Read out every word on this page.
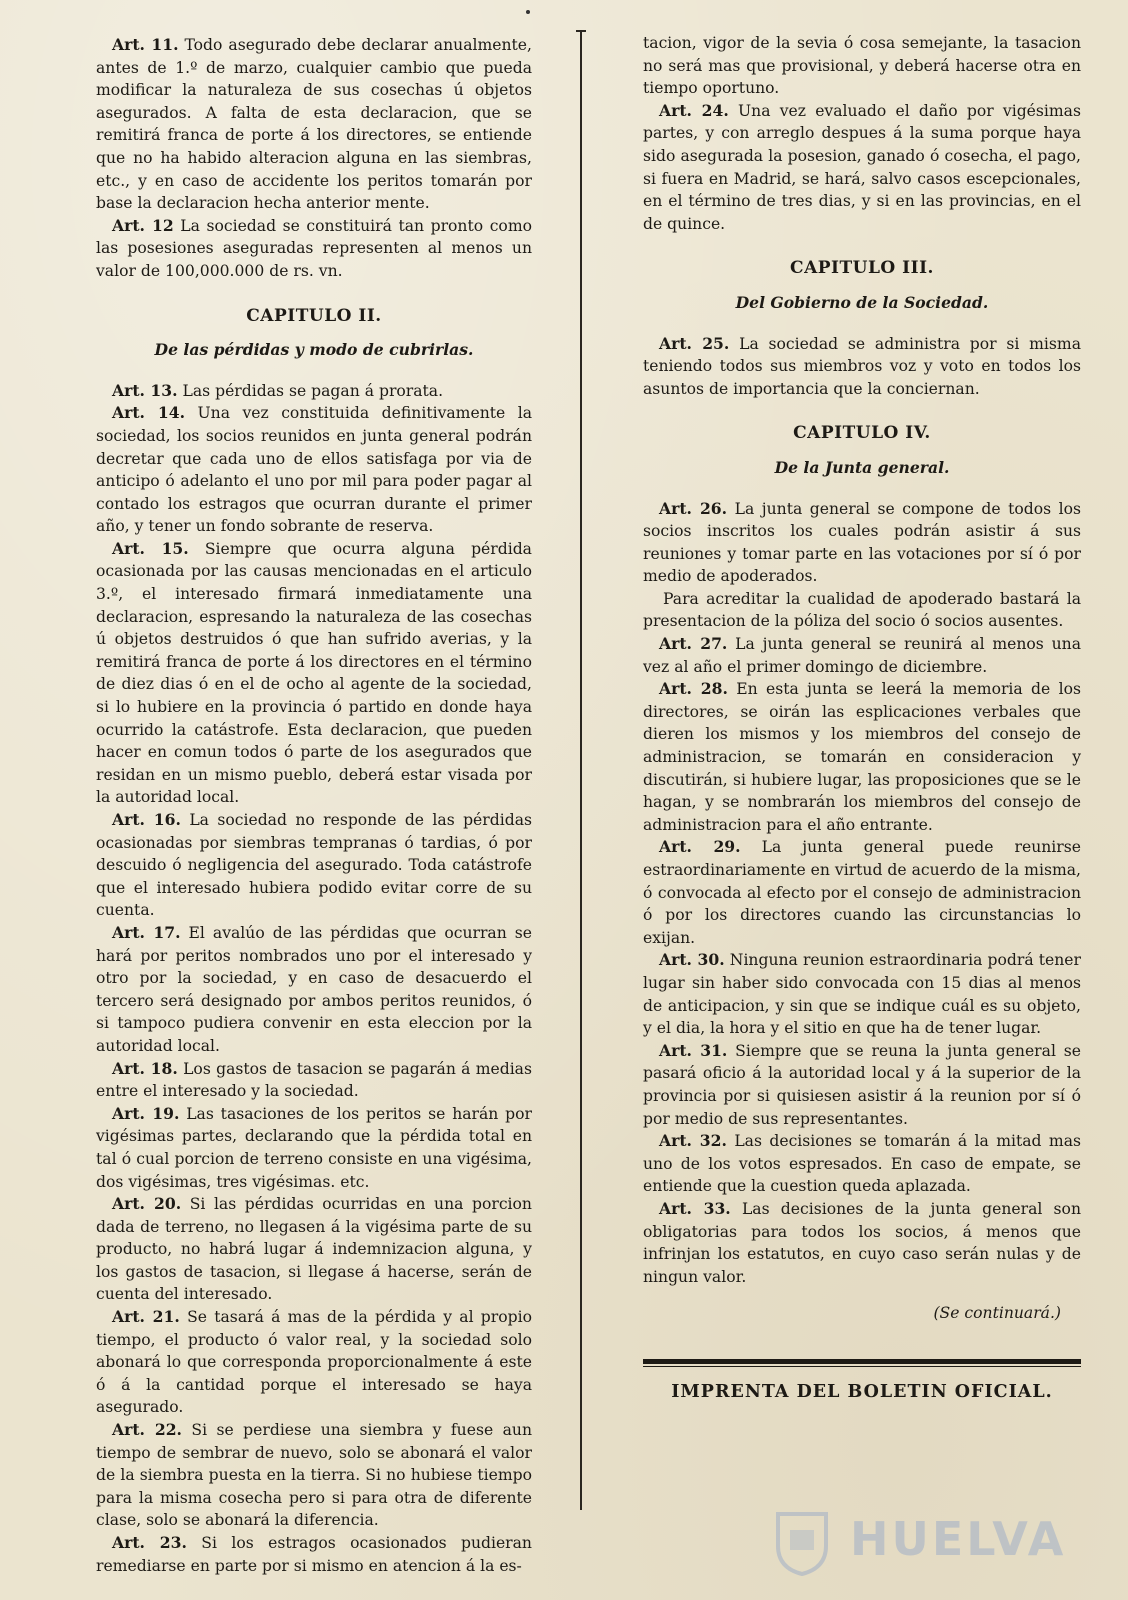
Art. 11. Todo asegurado debe declarar anualmente, antes de 1.º de marzo, cualquier cambio que pueda modificar la naturaleza de sus cosechas ú objetos asegurados. A falta de esta declaracion, que se remitirá franca de porte á los directores, se entiende que no ha habido alteracion alguna en las siembras, etc., y en caso de accidente los peritos tomarán por base la declaracion hecha anterior mente.

Art. 12 La sociedad se constituirá tan pronto como las posesiones aseguradas representen al menos un valor de 100,000.000 de rs. vn.

CAPITULO II.
De las pérdidas y modo de cubrirlas.

Art. 13. Las pérdidas se pagan á prorata.

Art. 14. Una vez constituida definitivamente la sociedad, los socios reunidos en junta general podrán decretar que cada uno de ellos satisfaga por via de anticipo ó adelanto el uno por mil para poder pagar al contado los estragos que ocurran durante el primer año, y tener un fondo sobrante de reserva.

Art. 15. Siempre que ocurra alguna pérdida ocasionada por las causas mencionadas en el articulo 3.º, el interesado firmará inmediatamente una declaracion, espresando la naturaleza de las cosechas ú objetos destruidos ó que han sufrido averias, y la remitirá franca de porte á los directores en el término de diez dias ó en el de ocho al agente de la sociedad, si lo hubiere en la provincia ó partido en donde haya ocurrido la catástrofe. Esta declaracion, que pueden hacer en comun todos ó parte de los asegurados que residan en un mismo pueblo, deberá estar visada por la autoridad local.

Art. 16. La sociedad no responde de las pérdidas ocasionadas por siembras tempranas ó tardias, ó por descuido ó negligencia del asegurado. Toda catástrofe que el interesado hubiera podido evitar corre de su cuenta.

Art. 17. El avalúo de las pérdidas que ocurran se hará por peritos nombrados uno por el interesado y otro por la sociedad, y en caso de desacuerdo el tercero será designado por ambos peritos reunidos, ó si tampoco pudiera convenir en esta eleccion por la autoridad local.

Art. 18. Los gastos de tasacion se pagarán á medias entre el interesado y la sociedad.

Art. 19. Las tasaciones de los peritos se harán por vigésimas partes, declarando que la pérdida total en tal ó cual porcion de terreno consiste en una vigésima, dos vigésimas, tres vigésimas. etc.

Art. 20. Si las pérdidas ocurridas en una porcion dada de terreno, no llegasen á la vigésima parte de su producto, no habrá lugar á indemnizacion alguna, y los gastos de tasacion, si llegase á hacerse, serán de cuenta del interesado.

Art. 21. Se tasará á mas de la pérdida y al propio tiempo, el producto ó valor real, y la sociedad solo abonará lo que corresponda proporcionalmente á este ó á la cantidad porque el interesado se haya asegurado.

Art. 22. Si se perdiese una siembra y fuese aun tiempo de sembrar de nuevo, solo se abonará el valor de la siembra puesta en la tierra. Si no hubiese tiempo para la misma cosecha pero si para otra de diferente clase, solo se abonará la diferencia.

Art. 23. Si los estragos ocasionados pudieran remediarse en parte por si mismo en atencion á la es-

tacion, vigor de la sevia ó cosa semejante, la tasacion no será mas que provisional, y deberá hacerse otra en tiempo oportuno.

Art. 24. Una vez evaluado el daño por vigésimas partes, y con arreglo despues á la suma porque haya sido asegurada la posesion, ganado ó cosecha, el pago, si fuera en Madrid, se hará, salvo casos escepcionales, en el término de tres dias, y si en las provincias, en el de quince.

CAPITULO III.
Del Gobierno de la Sociedad.

Art. 25. La sociedad se administra por si misma teniendo todos sus miembros voz y voto en todos los asuntos de importancia que la conciernan.

CAPITULO IV.
De la Junta general.

Art. 26. La junta general se compone de todos los socios inscritos los cuales podrán asistir á sus reuniones y tomar parte en las votaciones por sí ó por medio de apoderados.

Para acreditar la cualidad de apoderado bastará la presentacion de la póliza del socio ó socios ausentes.

Art. 27. La junta general se reunirá al menos una vez al año el primer domingo de diciembre.

Art. 28. En esta junta se leerá la memoria de los directores, se oirán las esplicaciones verbales que dieren los mismos y los miembros del consejo de administracion, se tomarán en consideracion y discutirán, si hubiere lugar, las proposiciones que se le hagan, y se nombrarán los miembros del consejo de administracion para el año entrante.

Art. 29. La junta general puede reunirse estraordinariamente en virtud de acuerdo de la misma, ó convocada al efecto por el consejo de administracion ó por los directores cuando las circunstancias lo exijan.

Art. 30. Ninguna reunion estraordinaria podrá tener lugar sin haber sido convocada con 15 dias al menos de anticipacion, y sin que se indique cuál es su objeto, y el dia, la hora y el sitio en que ha de tener lugar.

Art. 31. Siempre que se reuna la junta general se pasará oficio á la autoridad local y á la superior de la provincia por si quisiesen asistir á la reunion por sí ó por medio de sus representantes.

Art. 32. Las decisiones se tomarán á la mitad mas uno de los votos espresados. En caso de empate, se entiende que la cuestion queda aplazada.

Art. 33. Las decisiones de la junta general son obligatorias para todos los socios, á menos que infrinjan los estatutos, en cuyo caso serán nulas y de ningun valor.

(Se continuará.)
IMPRENTA DEL BOLETIN OFICIAL.
HUELVA
